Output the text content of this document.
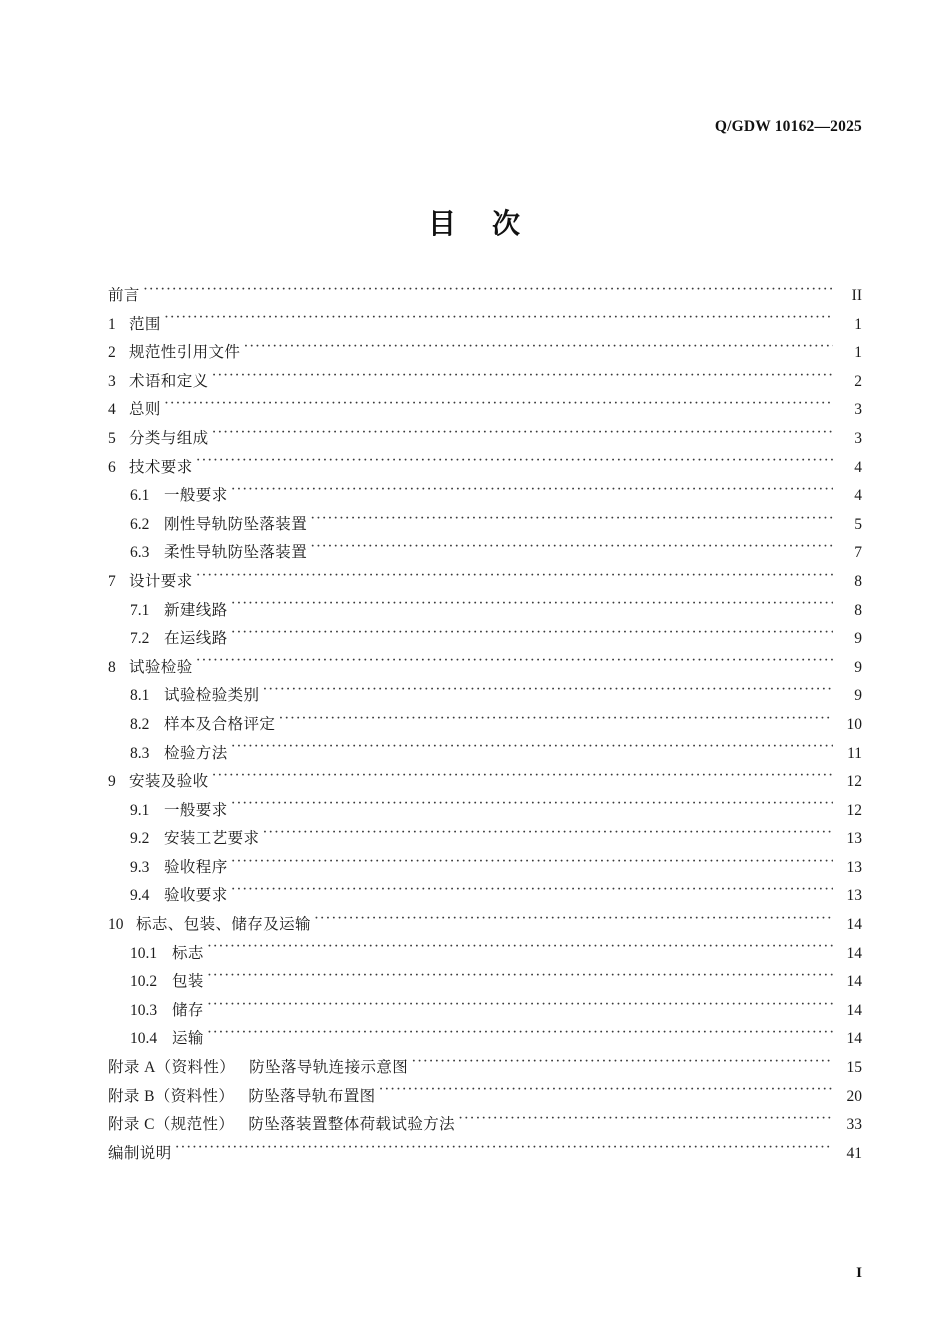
Q/GDW 10162—2025
目 次
前言 ·····	II
1 范围 ·····	1
2 规范性引用文件 ·····	1
3 术语和定义 ·····	2
4 总则 ·····	3
5 分类与组成 ·····	3
6 技术要求 ·····	4
6.1 一般要求 ·····	4
6.2 刚性导轨防坠落装置 ·····	5
6.3 柔性导轨防坠落装置 ·····	7
7 设计要求 ·····	8
7.1 新建线路 ·····	8
7.2 在运线路 ·····	9
8 试验检验 ·····	9
8.1 试验检验类别 ·····	9
8.2 样本及合格评定 ·····	10
8.3 检验方法 ·····	11
9 安装及验收 ·····	12
9.1 一般要求 ·····	12
9.2 安装工艺要求 ·····	13
9.3 验收程序 ·····	13
9.4 验收要求 ·····	13
10 标志、包装、储存及运输 ·····	14
10.1 标志 ·····	14
10.2 包装 ·····	14
10.3 储存 ·····	14
10.4 运输 ·····	14
附录 A（资料性） 防坠落导轨连接示意图 ·····	15
附录 B（资料性） 防坠落导轨布置图 ·····	20
附录 C（规范性） 防坠落装置整体荷载试验方法 ·····	33
编制说明 ·····	41
I
